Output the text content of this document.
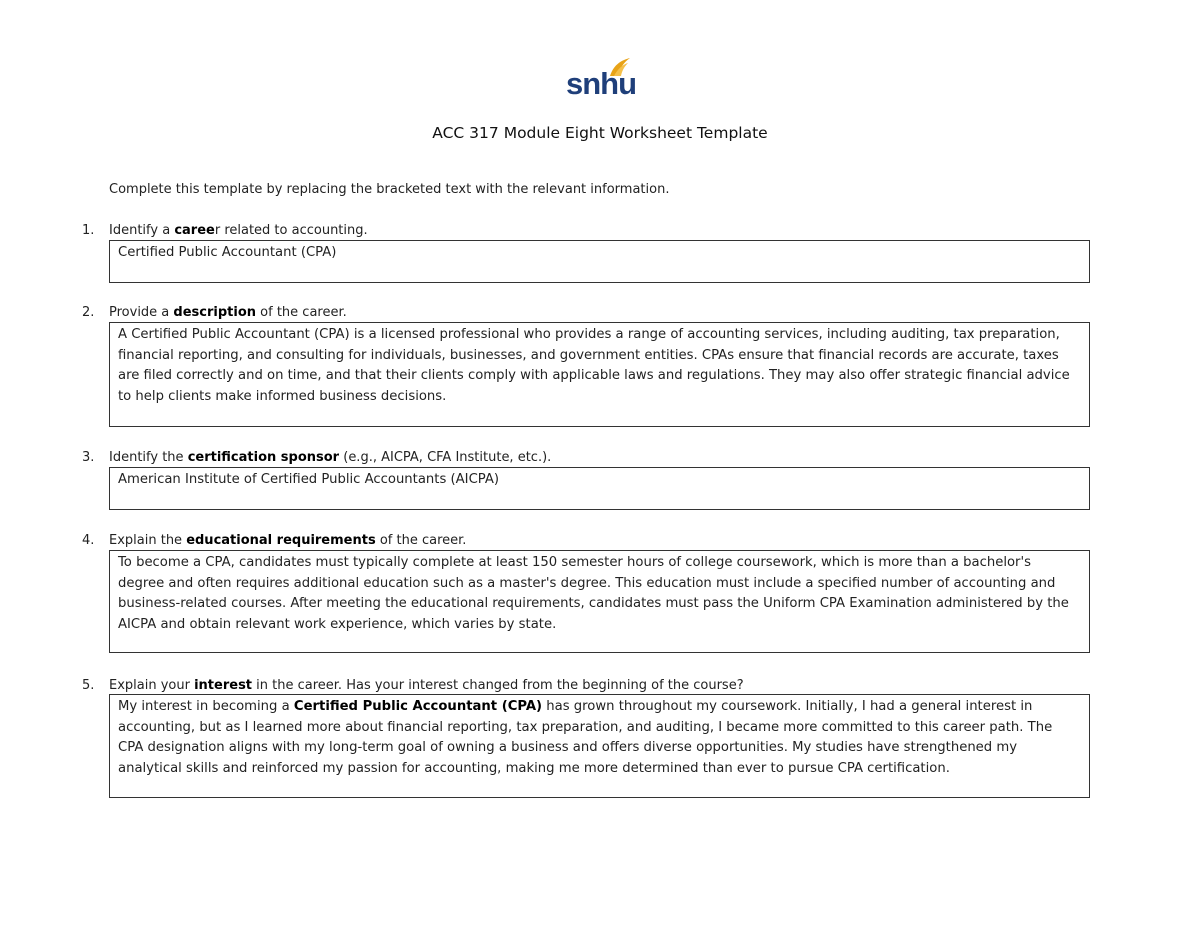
snhu
ACC 317 Module Eight Worksheet Template
Complete this template by replacing the bracketed text with the relevant information.
1. Identify a career related to accounting.
Certified Public Accountant (CPA)
2. Provide a description of the career.
A Certified Public Accountant (CPA) is a licensed professional who provides a range of accounting services, including auditing, tax preparation, financial reporting, and consulting for individuals, businesses, and government entities. CPAs ensure that financial records are accurate, taxes are filed correctly and on time, and that their clients comply with applicable laws and regulations. They may also offer strategic financial advice to help clients make informed business decisions.
3. Identify the certification sponsor (e.g., AICPA, CFA Institute, etc.).
American Institute of Certified Public Accountants (AICPA)
4. Explain the educational requirements of the career.
To become a CPA, candidates must typically complete at least 150 semester hours of college coursework, which is more than a bachelor's degree and often requires additional education such as a master's degree. This education must include a specified number of accounting and business-related courses. After meeting the educational requirements, candidates must pass the Uniform CPA Examination administered by the AICPA and obtain relevant work experience, which varies by state.
5. Explain your interest in the career. Has your interest changed from the beginning of the course?
My interest in becoming a Certified Public Accountant (CPA) has grown throughout my coursework. Initially, I had a general interest in accounting, but as I learned more about financial reporting, tax preparation, and auditing, I became more committed to this career path. The CPA designation aligns with my long-term goal of owning a business and offers diverse opportunities. My studies have strengthened my analytical skills and reinforced my passion for accounting, making me more determined than ever to pursue CPA certification.
